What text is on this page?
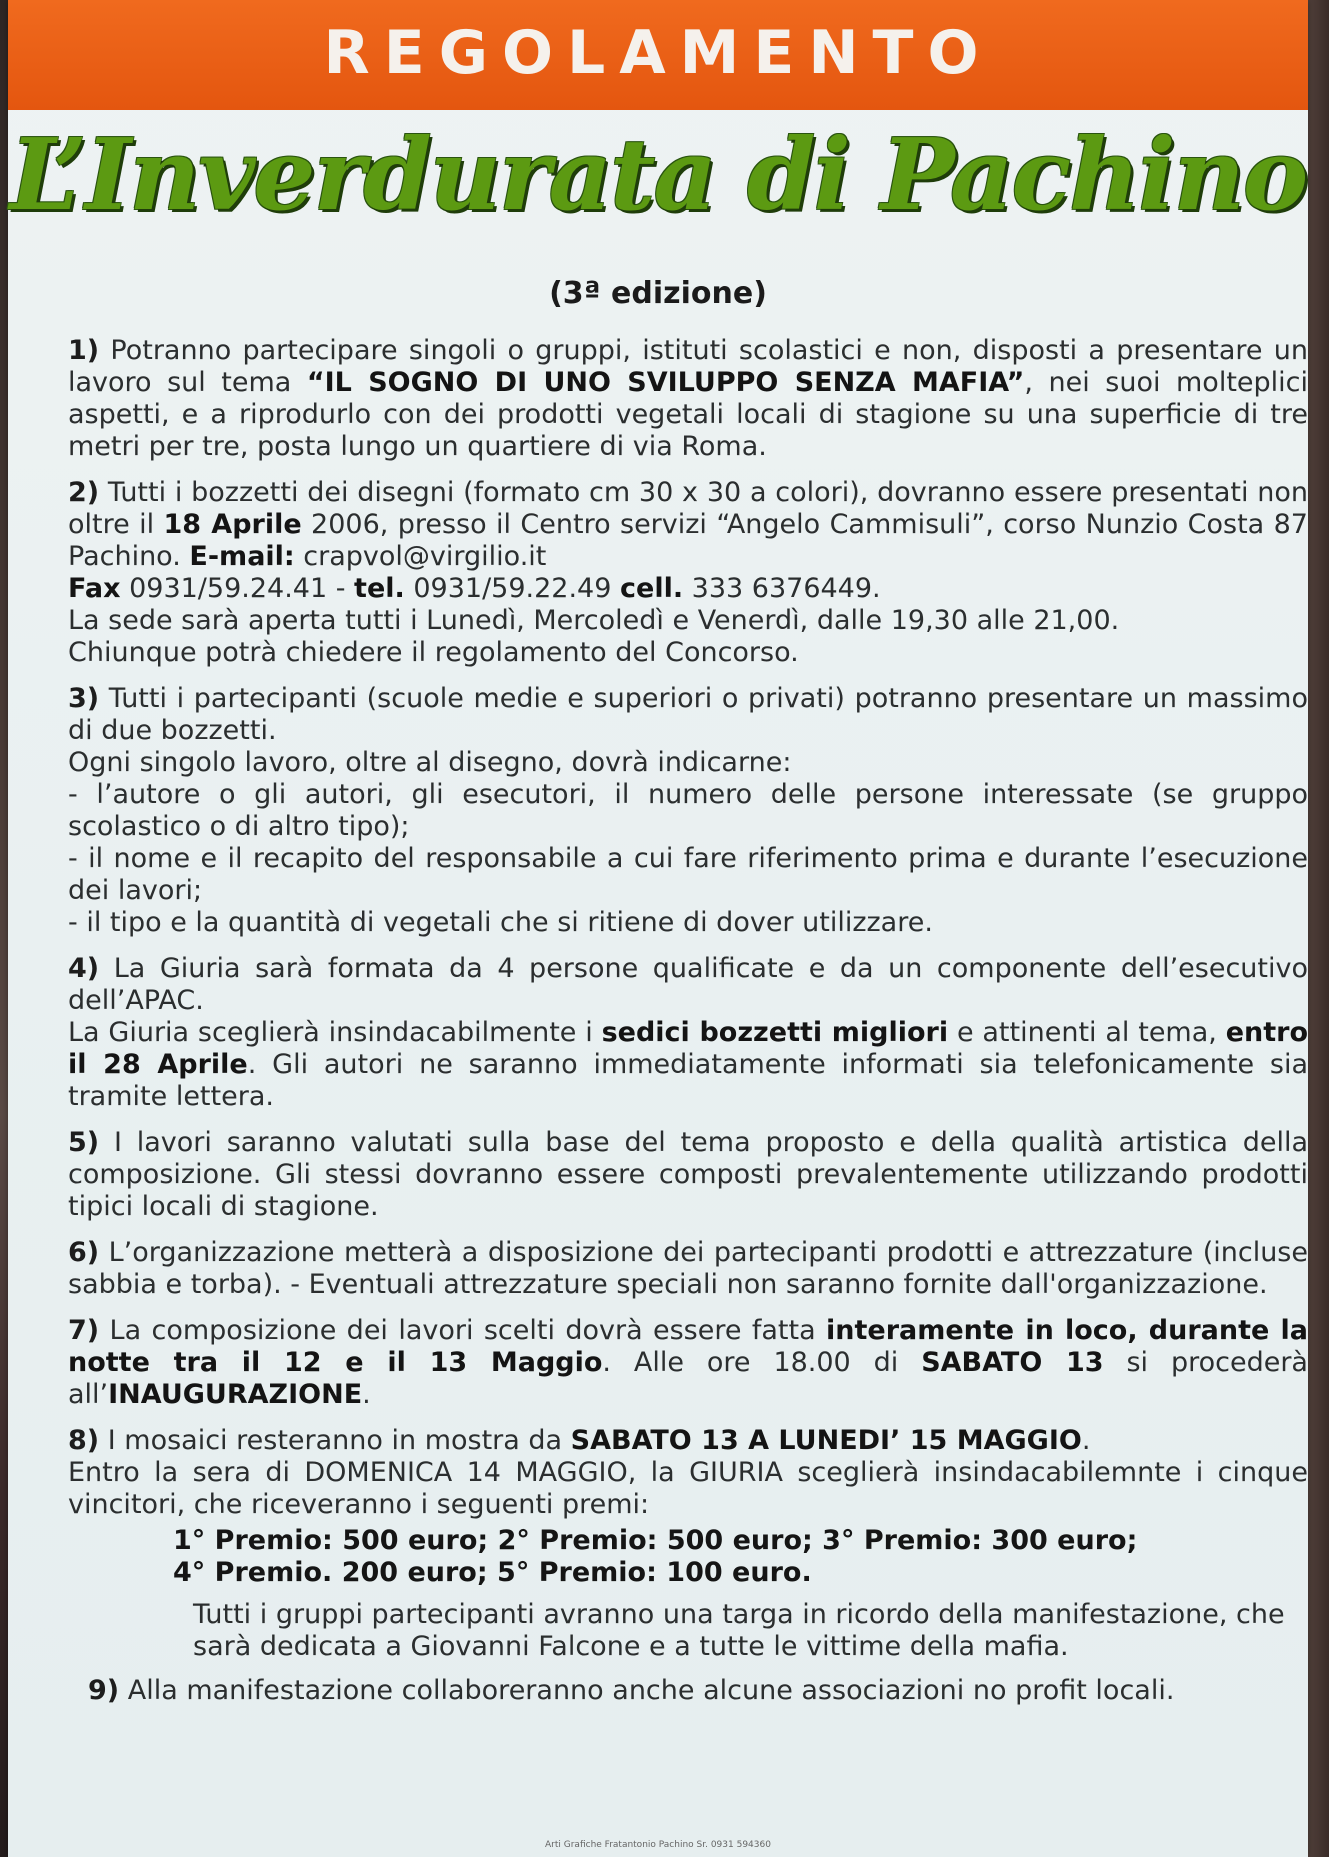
REGOLAMENTO
L’Inverdurata di Pachino
(3ª edizione)
1) Potranno partecipare singoli o gruppi, istituti scolastici e non, disposti a presentare un lavoro sul tema “IL SOGNO DI UNO SVILUPPO SENZA MAFIA”, nei suoi molteplici aspetti, e a riprodurlo con dei prodotti vegetali locali di stagione su una superficie di tre metri per tre, posta lungo un quartiere di via Roma.

2) Tutti i bozzetti dei disegni (formato cm 30 x 30 a colori), dovranno essere presentati non oltre il 18 Aprile 2006, presso il Centro servizi “Angelo Cammisuli”, corso Nunzio Costa 87 Pachino. E-mail: crapvol@virgilio.it

Fax 0931/59.24.41 - tel. 0931/59.22.49 cell. 333 6376449.

La sede sarà aperta tutti i Lunedì, Mercoledì e Venerdì, dalle 19,30 alle 21,00.

Chiunque potrà chiedere il regolamento del Concorso.

3) Tutti i partecipanti (scuole medie e superiori o privati) potranno presentare un massimo di due bozzetti.

Ogni singolo lavoro, oltre al disegno, dovrà indicarne:

- l’autore o gli autori, gli esecutori, il numero delle persone interessate (se gruppo scolastico o di altro tipo);

- il nome e il recapito del responsabile a cui fare riferimento prima e durante l’esecuzione dei lavori;

- il tipo e la quantità di vegetali che si ritiene di dover utilizzare.

4) La Giuria sarà formata da 4 persone qualificate e da un componente dell’esecutivo dell’APAC.

La Giuria sceglierà insindacabilmente i sedici bozzetti migliori e attinenti al tema, entro il 28 Aprile. Gli autori ne saranno immediatamente informati sia telefonicamente sia tramite lettera.

5) I lavori saranno valutati sulla base del tema proposto e della qualità artistica della composizione. Gli stessi dovranno essere composti prevalentemente utilizzando prodotti tipici locali di stagione.
6) L’organizzazione metterà a disposizione dei partecipanti prodotti e attrezzature (incluse sabbia e torba). - Eventuali attrezzature speciali non saranno fornite dall'organizzazione.
7) La composizione dei lavori scelti dovrà essere fatta interamente in loco, durante la notte tra il 12 e il 13 Maggio. Alle ore 18.00 di SABATO 13 si procederà all’INAUGURAZIONE.

8) I mosaici resteranno in mostra da SABATO 13 A LUNEDI’ 15 MAGGIO.

Entro la sera di DOMENICA 14 MAGGIO, la GIURIA sceglierà insindacabilemnte i cinque vincitori, che riceveranno i seguenti premi:

1° Premio: 500 euro; 2° Premio: 500 euro; 3° Premio: 300 euro;

4° Premio. 200 euro; 5° Premio: 100 euro.

Tutti i gruppi partecipanti avranno una targa in ricordo della manifestazione, che sarà dedicata a Giovanni Falcone e a tutte le vittime della mafia.
9) Alla manifestazione collaboreranno anche alcune associazioni no profit locali.
Arti Grafiche Fratantonio Pachino Sr. 0931 594360
